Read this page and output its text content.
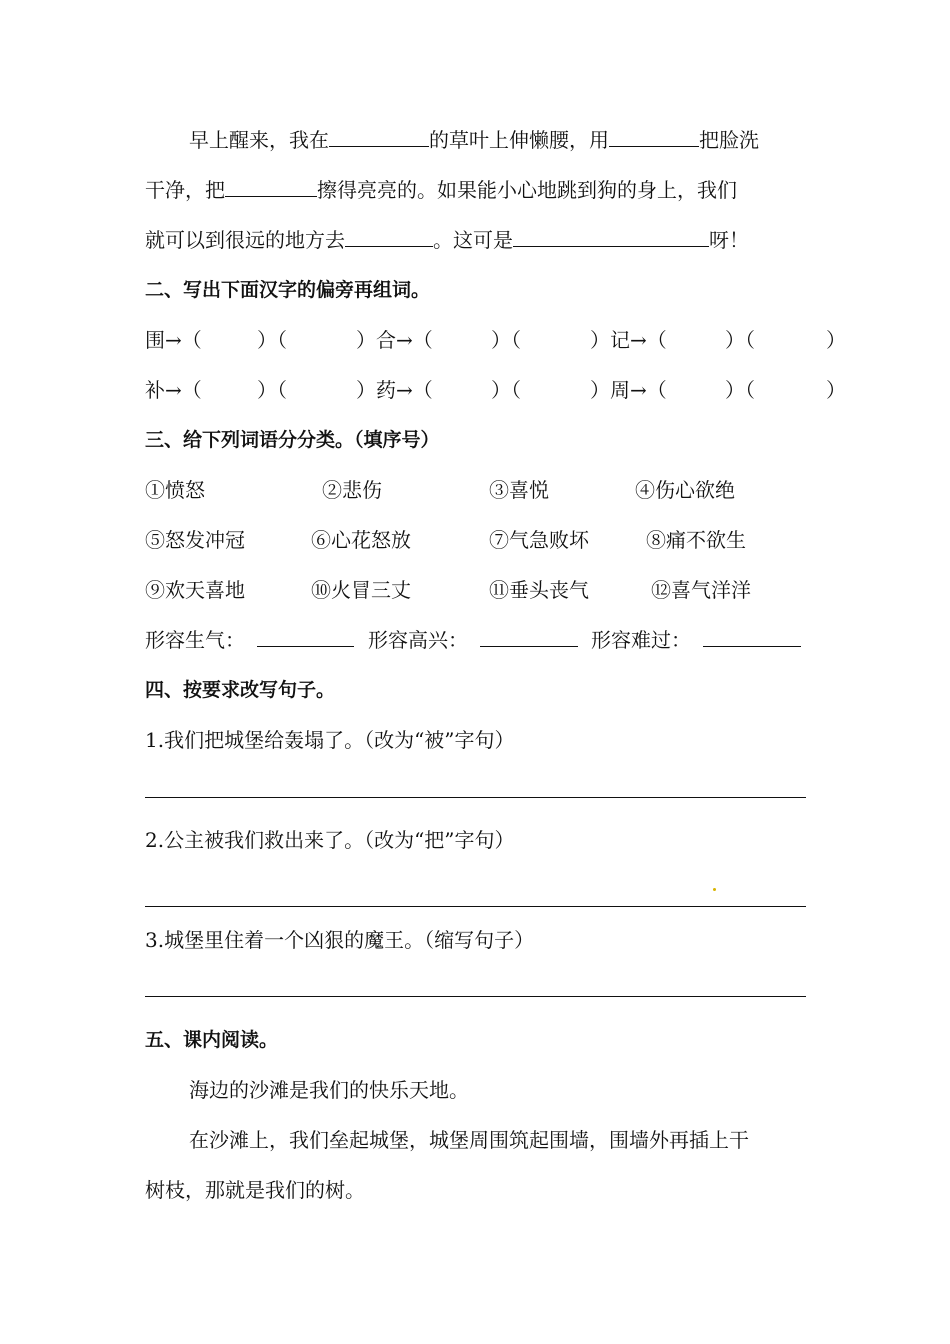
早上醒来，我在	的草叶上伸懒腰，用	把脸洗
干净，把	擦得亮亮的。如果能小心地跳到狗的身上，我们
就可以到很远的地方去	。这可是	呀！
二、写出下面汉字的偏旁再组词。
围→（	）（	）合→（	）（	）记→（	）（	）
补→（	）（	）药→（	）（	）周→（	）（	）
三、给下列词语分分类。（填序号）
①愤怒	②悲伤	③喜悦	④伤心欲绝
⑤怒发冲冠	⑥心花怒放	⑦气急败坏	⑧痛不欲生
⑨欢天喜地	⑩火冒三丈	⑪垂头丧气	⑫喜气洋洋
形容生气：	形容高兴：	形容难过：
四、按要求改写句子。
1.我们把城堡给轰塌了。（改为“被”字句）
2.公主被我们救出来了。（改为“把”字句）
3.城堡里住着一个凶狠的魔王。（缩写句子）
五、课内阅读。
海边的沙滩是我们的快乐天地。
在沙滩上，我们垒起城堡，城堡周围筑起围墙，围墙外再插上干
树枝，那就是我们的树。
